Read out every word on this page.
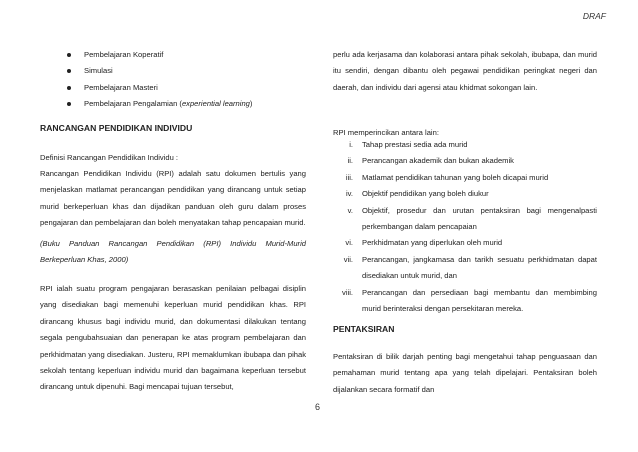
DRAF
Pembelajaran Koperatif
Simulasi
Pembelajaran Masteri
Pembelajaran Pengalamian (experiential learning)
RANCANGAN PENDIDIKAN INDIVIDU

Definisi Rancangan Pendidikan Individu :

Rancangan Pendidikan Individu (RPI) adalah satu dokumen bertulis yang menjelaskan matlamat perancangan pendidikan yang dirancang untuk setiap murid berkeperluan khas dan dijadikan panduan oleh guru dalam proses pengajaran dan pembelajaran dan boleh menyatakan tahap pencapaian murid.

(Buku Panduan Rancangan Pendidikan (RPI) Individu Murid-Murid Berkeperluan Khas, 2000)

RPI ialah suatu program pengajaran berasaskan penilaian pelbagai disiplin yang disediakan bagi memenuhi keperluan murid pendidikan khas. RPI dirancang khusus bagi individu murid, dan dokumentasi dilakukan tentang segala pengubahsuaian dan penerapan ke atas program pembelajaran dan perkhidmatan yang disediakan. Justeru, RPI memaklumkan ibubapa dan pihak sekolah tentang keperluan individu murid dan bagaimana keperluan tersebut dirancang untuk dipenuhi. Bagi mencapai tujuan tersebut,

perlu ada kerjasama dan kolaborasi antara pihak sekolah, ibubapa, dan murid itu sendiri, dengan dibantu oleh pegawai pendidikan peringkat negeri dan daerah, dan individu dari agensi atau khidmat sokongan lain.

RPI memperincikan antara lain:

i. Tahap prestasi sedia ada murid
ii. Perancangan akademik dan bukan akademik
iii. Matlamat pendidikan tahunan yang boleh dicapai murid
iv. Objektif pendidikan yang boleh diukur
v. Objektif, prosedur dan urutan pentaksiran bagi mengenalpasti perkembangan dalam pencapaian
vi. Perkhidmatan yang diperlukan oleh murid
vii. Perancangan, jangkamasa dan tarikh sesuatu perkhidmatan dapat disediakan untuk murid, dan
viii. Perancangan dan persediaan bagi membantu dan membimbing murid berinteraksi dengan persekitaran mereka.
PENTAKSIRAN

Pentaksiran di bilik darjah penting bagi mengetahui tahap penguasaan dan pemahaman murid tentang apa yang telah dipelajari. Pentaksiran boleh dijalankan secara formatif dan

6
